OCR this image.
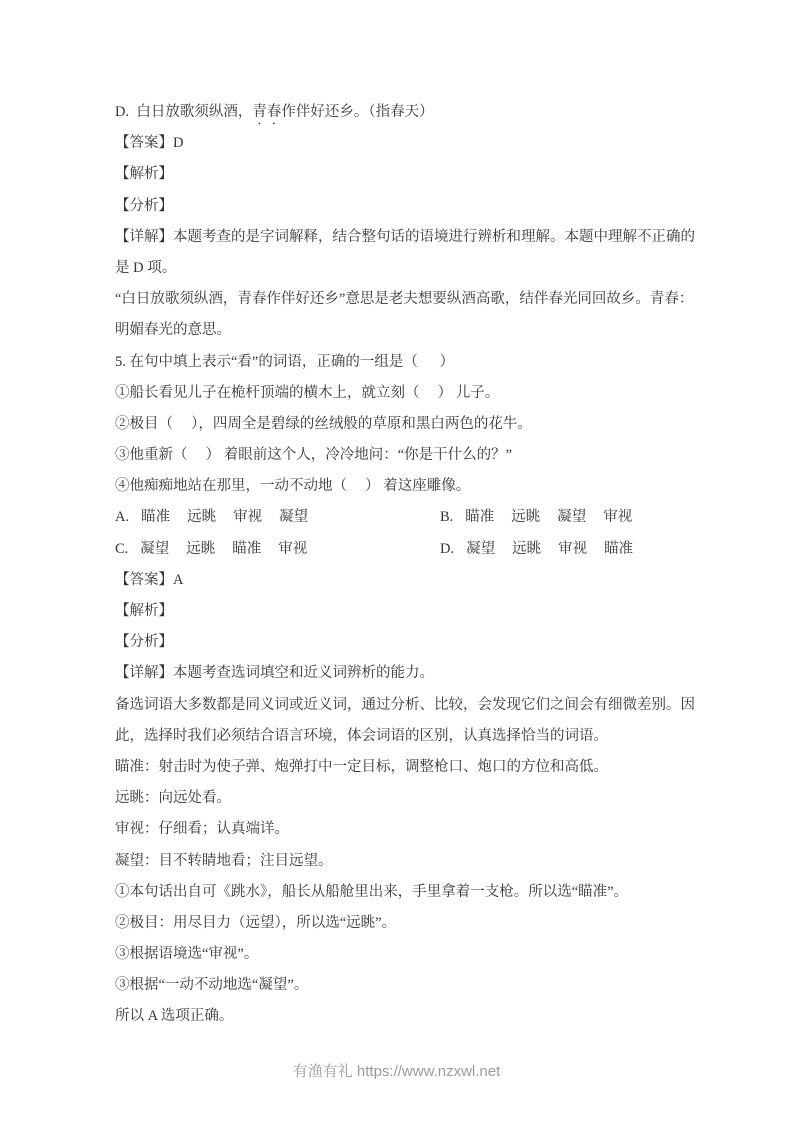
D.  白日放歌须纵酒，青春作伴好还乡。（指春天）
【答案】D
【解析】
【分析】
【详解】本题考查的是字词解释，结合整句话的语境进行辨析和理解。本题中理解不正确的
是 D 项。
“白日放歌须纵酒，青春作伴好还乡”意思是老夫想要纵酒高歌，结伴春光同回故乡。青春：
明媚春光的意思。
5. 在句中填上表示“看”的词语，正确的一组是（      ）
①船长看见儿子在桅杆顶端的横木上，就立刻（     ） 儿子。
②极目（     ），四周全是碧绿的丝绒般的草原和黑白两色的花牛。
③他重新（     ） 着眼前这个人，冷冷地问：“你是干什么的？”
④他痴痴地站在那里，一动不动地（     ） 着这座雕像。
A. 瞄准 远眺 审视 凝望	B. 瞄准 远眺 凝望 审视
C. 凝望 远眺 瞄准 审视	D. 凝望 远眺 审视 瞄准
【答案】A
【解析】
【分析】
【详解】本题考查选词填空和近义词辨析的能力。
备选词语大多数都是同义词或近义词，通过分析、比较，会发现它们之间会有细微差别。因
此，选择时我们必须结合语言环境，体会词语的区别，认真选择恰当的词语。
瞄准：射击时为使子弹、炮弹打中一定目标，调整枪口、炮口的方位和高低。
远眺：向远处看。
审视：仔细看；认真端详。
凝望：目不转睛地看；注目远望。
①本句话出自可《跳水》，船长从船舱里出来，手里拿着一支枪。所以选“瞄准”。
②极目：用尽目力（远望），所以选“远眺”。
③根据语境选“审视”。
③根据“一动不动地选“凝望”。
所以 A 选项正确。
有渔有礼 https://www.nzxwl.net
